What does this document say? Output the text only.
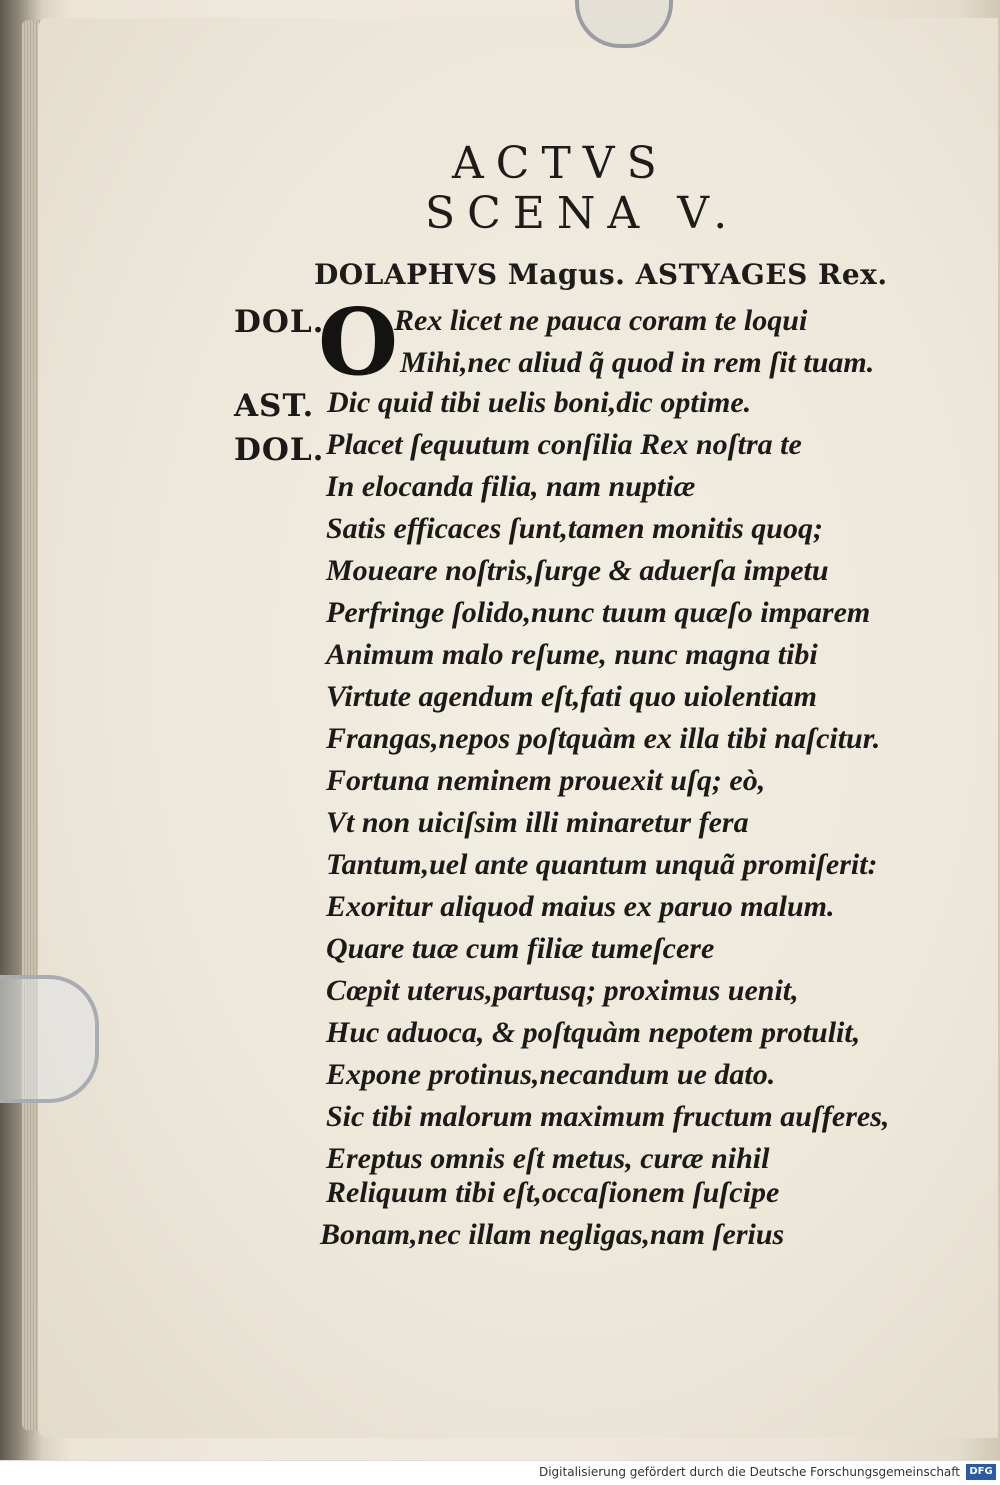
ACTVS
SCENA V.
DOLAPHVS Magus. ASTYAGES Rex.
DOL.
O
Rex licet ne pauca coram te loqui
Mihi,nec aliud q̃ quod in rem ſit tuam.
AST. Dic quid tibi uelis boni,dic optime.
DOL. Placet ſequutum conſilia Rex noſtra te
In elocanda filia, nam nuptiæ
Satis efficaces ſunt,tamen monitis quoq;
Moueare noſtris,ſurge & aduerſa impetu
Perfringe ſolido,nunc tuum quæſo imparem
Animum malo reſume, nunc magna tibi
Virtute agendum eſt,fati quo uiolentiam
Frangas,nepos poſtquàm ex illa tibi naſcitur.
Fortuna neminem prouexit uſq; eò,
Vt non uiciſsim illi minaretur fera
Tantum,uel ante quantum unquã promiſerit:
Exoritur aliquod maius ex paruo malum.
Quare tuæ cum filiæ tumeſcere
Cœpit uterus,partusq; proximus uenit,
Huc aduoca, & poſtquàm nepotem protulit,
Expone protinus,necandum ue dato.
Sic tibi malorum maximum fructum auſferes,
Ereptus omnis eſt metus, curæ nihil
Reliquum tibi eſt,occaſionem ſuſcipe
Bonam,nec illam negligas,nam ſerius
Digitalisierung gefördert durch die Deutsche Forschungsgemeinschaft DFG
